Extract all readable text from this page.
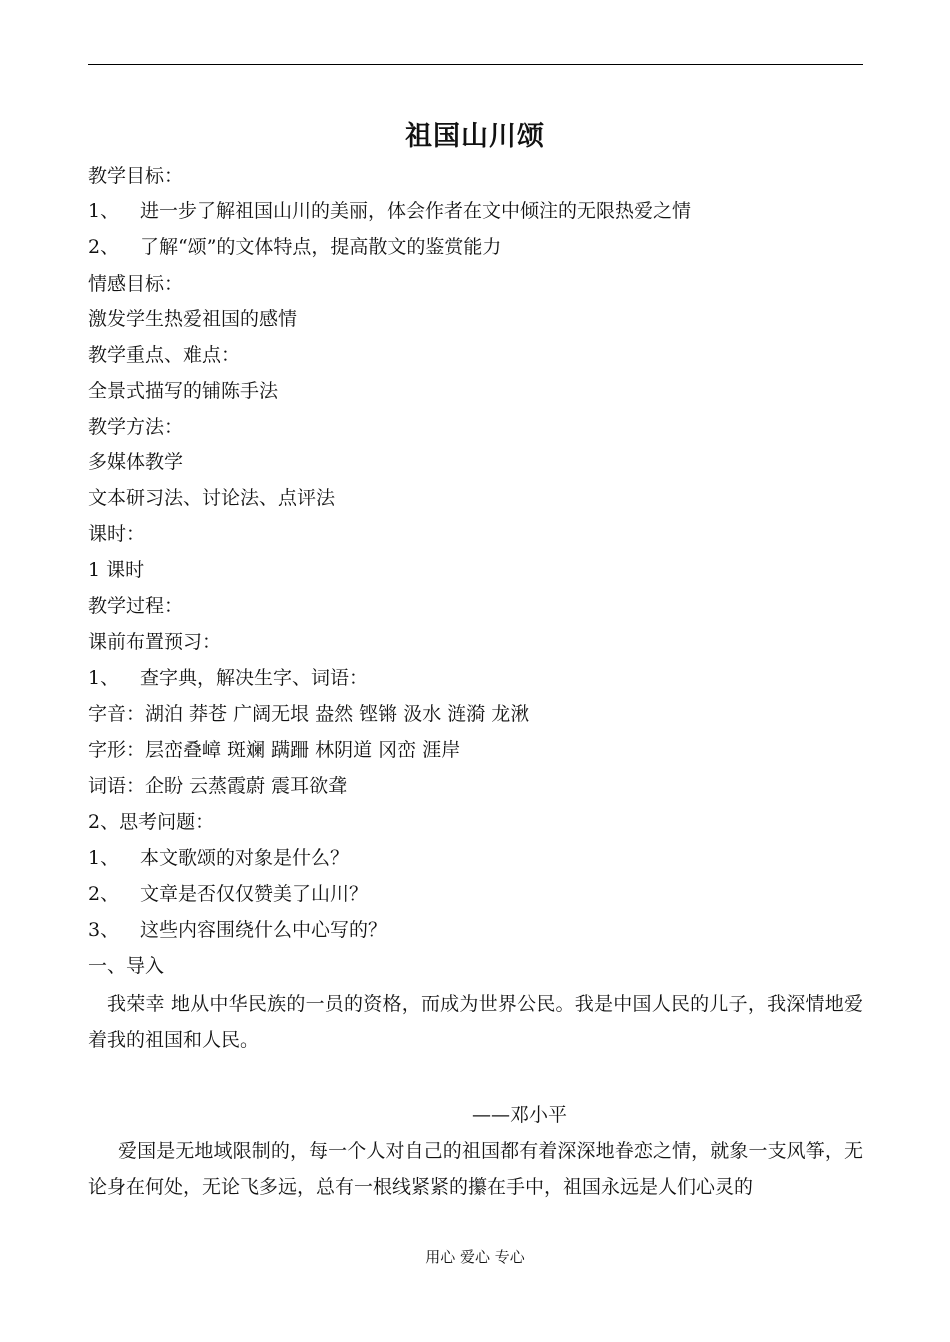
祖国山川颂
教学目标：
1、 进一步了解祖国山川的美丽，体会作者在文中倾注的无限热爱之情
2、 了解“颂”的文体特点，提高散文的鉴赏能力
情感目标：
激发学生热爱祖国的感情
教学重点、难点：
全景式描写的铺陈手法
教学方法：
多媒体教学
文本研习法、讨论法、点评法
课时：
1 课时
教学过程：
课前布置预习：
1、 查字典，解决生字、词语：
字音：湖泊 莽苍 广阔无垠 盎然 铿锵 汲水 涟漪 龙湫
字形：层峦叠嶂 斑斓 蹒跚 林阴道 冈峦 涯岸
词语：企盼 云蒸霞蔚 震耳欲聋
2、思考问题：
1、 本文歌颂的对象是什么？
2、 文章是否仅仅赞美了山川？
3、 这些内容围绕什么中心写的？
一、导入
我荣幸 地从中华民族的一员的资格，而成为世界公民。我是中国人民的儿子，我深情地爱着我的祖国和人民。
——邓小平
爱国是无地域限制的，每一个人对自己的祖国都有着深深地眷恋之情，就象一支风筝，无论身在何处，无论飞多远，总有一根线紧紧的攥在手中，祖国永远是人们心灵的
用心 爱心 专心
